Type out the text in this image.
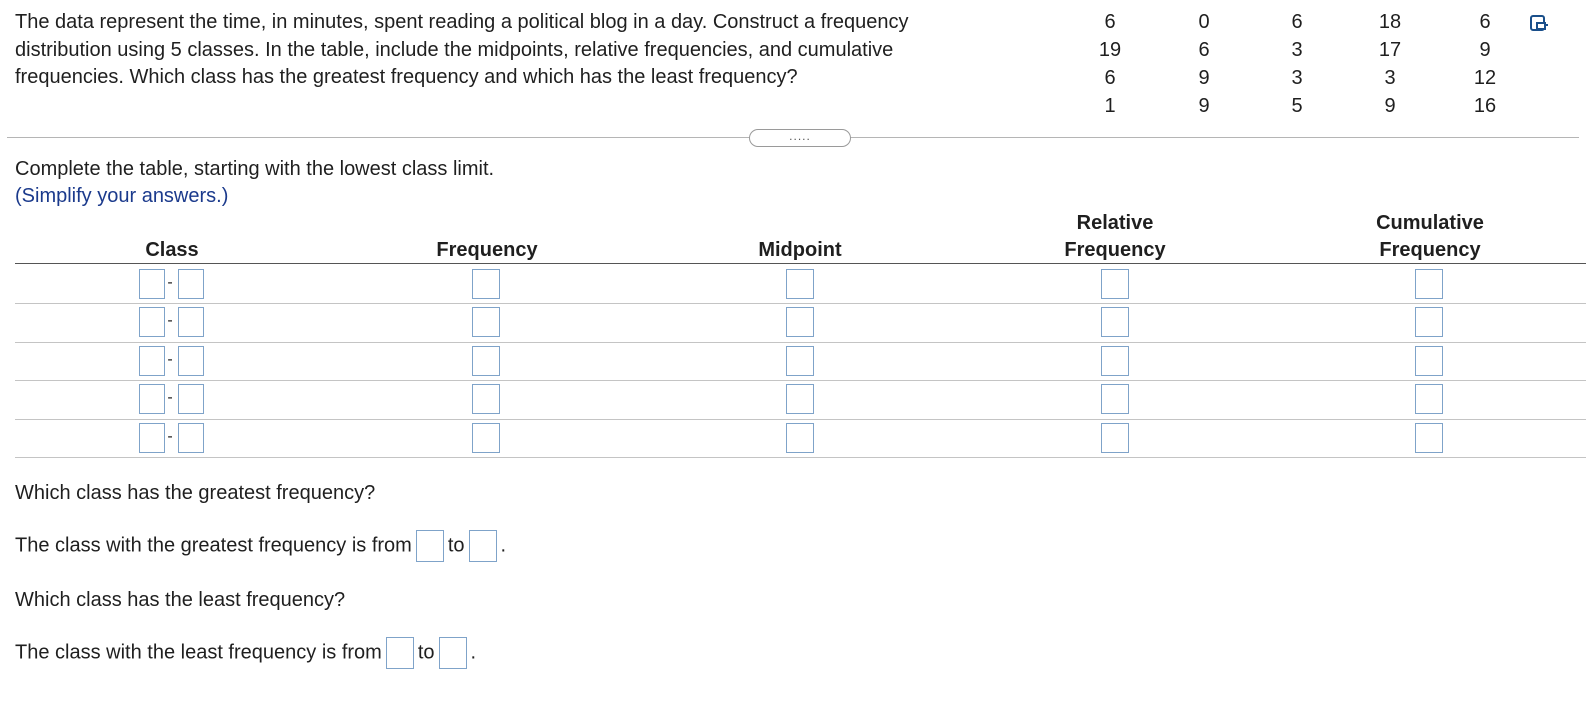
The data represent the time, in minutes, spent reading a political blog in a day. Construct a frequency
distribution using 5 classes. In the table, include the midpoints, relative frequencies, and cumulative
frequencies. Which class has the greatest frequency and which has the least frequency?
6
19
6
1
0
6
9
9
6
3
3
5
18
17
3
9
6
9
12
16
.....
Complete the table, starting with the lowest class limit.
(Simplify your answers.)
Class	Frequency	Midpoint
Relative
Frequency
Cumulative
Frequency
-
-
-
-
-
Which class has the greatest frequency?
The class with the greatest frequency is from to .
Which class has the least frequency?
The class with the least frequency is from to .
